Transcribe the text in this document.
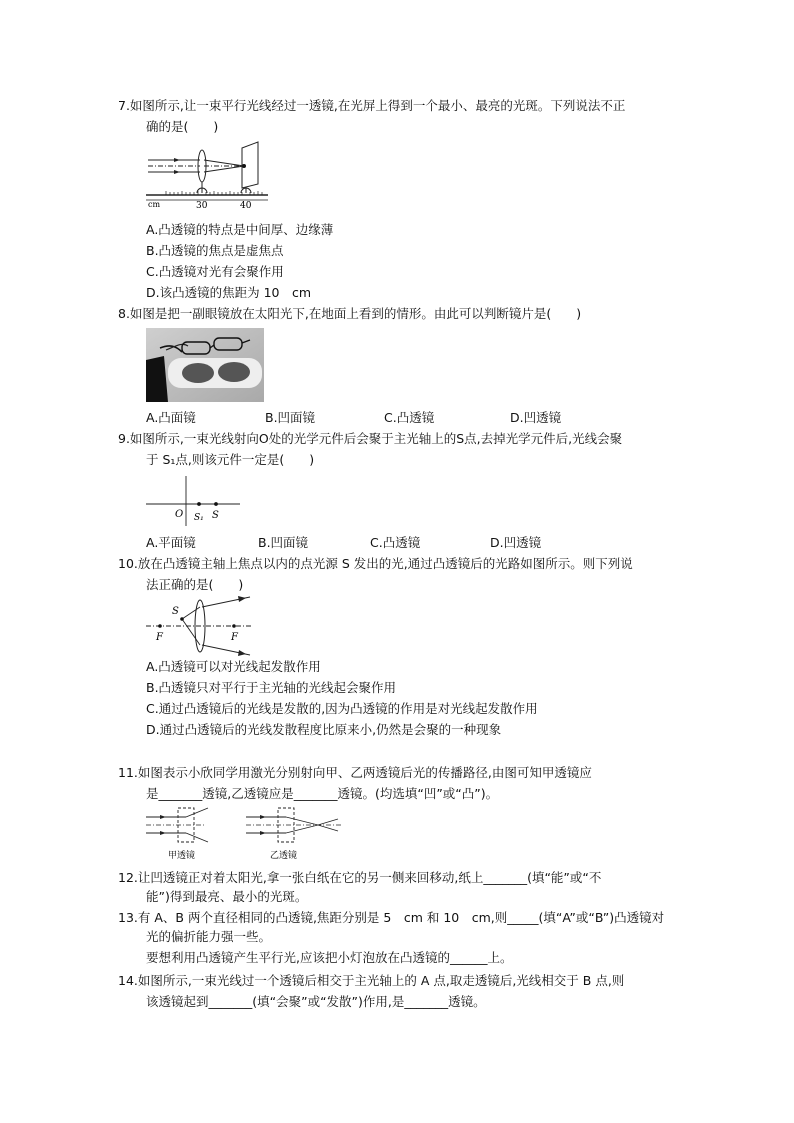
7.如图所示,让一束平行光线经过一透镜,在光屏上得到一个最小、最亮的光斑。下列说法不正
确的是(　　)
cm	30	40
A.凸透镜的特点是中间厚、边缘薄
B.凸透镜的焦点是虚焦点
C.凸透镜对光有会聚作用
D.该凸透镜的焦距为 10　cm
8.如图是把一副眼镜放在太阳光下,在地面上看到的情形。由此可以判断镜片是(　　)
A.凸面镜	B.凹面镜	C.凸透镜	D.凹透镜
9.如图所示,一束光线射向O处的光学元件后会聚于主光轴上的S点,去掉光学元件后,光线会聚
于 S₁点,则该元件一定是(　　)
O S₁ S
A.平面镜	B.凹面镜	C.凸透镜	D.凹透镜
10.放在凸透镜主轴上焦点以内的点光源 S 发出的光,通过凸透镜后的光路如图所示。则下列说
法正确的是(　　)
S
F	F
A.凸透镜可以对光线起发散作用
B.凸透镜只对平行于主光轴的光线起会聚作用
C.通过凸透镜后的光线是发散的,因为凸透镜的作用是对光线起发散作用
D.通过凸透镜后的光线发散程度比原来小,仍然是会聚的一种现象
11.如图表示小欣同学用激光分别射向甲、乙两透镜后光的传播路径,由图可知甲透镜应
是_______透镜,乙透镜应是_______透镜。(均选填“凹”或“凸”)。
甲透镜	乙透镜
12.让凹透镜正对着太阳光,拿一张白纸在它的另一侧来回移动,纸上_______(填“能”或“不
能”)得到最亮、最小的光斑。
13.有 A、B 两个直径相同的凸透镜,焦距分别是 5　cm 和 10　cm,则_____(填“A”或“B”)凸透镜对
光的偏折能力强一些。
要想利用凸透镜产生平行光,应该把小灯泡放在凸透镜的______上。
14.如图所示,一束光线过一个透镜后相交于主光轴上的 A 点,取走透镜后,光线相交于 B 点,则
该透镜起到_______(填“会聚”或“发散”)作用,是_______透镜。
